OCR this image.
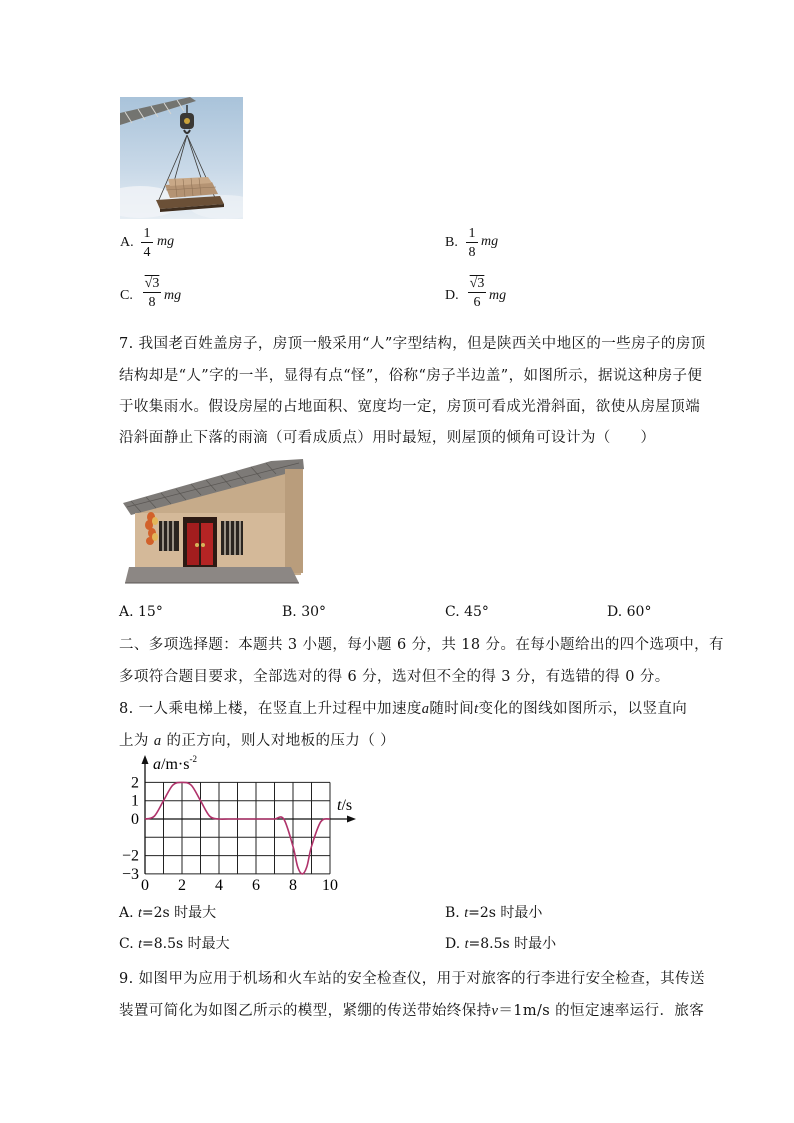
A.
1
4
mg	B.
1
8
mg
C.
√3
8 mg	D.
√3
6 mg
7. 我国老百姓盖房子，房顶一般采用“人”字型结构，但是陕西关中地区的一些房子的房顶
结构却是“人”字的一半，显得有点“怪”，俗称“房子半边盖”，如图所示，据说这种房子便
于收集雨水。假设房屋的占地面积、宽度均一定，房顶可看成光滑斜面，欲使从房屋顶端
沿斜面静止下落的雨滴（可看成质点）用时最短，则屋顶的倾角可设计为（　　）
A. 15°	B. 30°	C. 45°	D. 60°
二、多项选择题：本题共 3 小题，每小题 6 分，共 18 分。在每小题给出的四个选项中，有
多项符合题目要求，全部选对的得 6 分，选对但不全的得 3 分，有选错的得 0 分。
8. 一人乘电梯上楼，在竖直上升过程中加速度a随时间t变化的图线如图所示，以竖直向
上为 a 的正方向，则人对地板的压力（ ）
0 2 4 6 8 10
2
1
0
−2
−3
$a/m\cdot s^{-2}$
t/s
A. t=2s 时最大	B. t=2s 时最小
C. t=8.5s 时最大	D. t=8.5s 时最小
9. 如图甲为应用于机场和火车站的安全检查仪，用于对旅客的行李进行安全检查，其传送
装置可简化为如图乙所示的模型，紧绷的传送带始终保持v＝1m/s 的恒定速率运行．旅客
